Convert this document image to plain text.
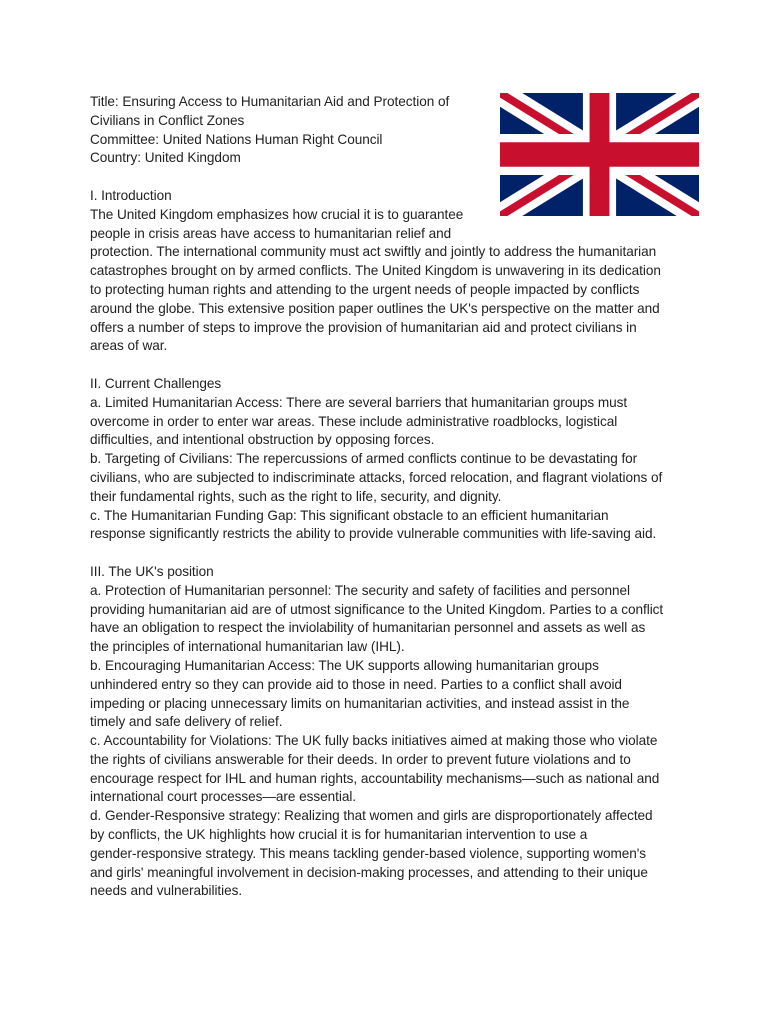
Title: Ensuring Access to Humanitarian Aid and Protection of
Civilians in Conflict Zones
Committee: United Nations Human Right Council
Country: United Kingdom
I. Introduction
The United Kingdom emphasizes how crucial it is to guarantee
people in crisis areas have access to humanitarian relief and
protection. The international community must act swiftly and jointly to address the humanitarian
catastrophes brought on by armed conflicts. The United Kingdom is unwavering in its dedication
to protecting human rights and attending to the urgent needs of people impacted by conflicts
around the globe. This extensive position paper outlines the UK's perspective on the matter and
offers a number of steps to improve the provision of humanitarian aid and protect civilians in
areas of war.
II. Current Challenges
a. Limited Humanitarian Access: There are several barriers that humanitarian groups must
overcome in order to enter war areas. These include administrative roadblocks, logistical
difficulties, and intentional obstruction by opposing forces.
b. Targeting of Civilians: The repercussions of armed conflicts continue to be devastating for
civilians, who are subjected to indiscriminate attacks, forced relocation, and flagrant violations of
their fundamental rights, such as the right to life, security, and dignity.
c. The Humanitarian Funding Gap: This significant obstacle to an efficient humanitarian
response significantly restricts the ability to provide vulnerable communities with life-saving aid.
III. The UK's position
a. Protection of Humanitarian personnel: The security and safety of facilities and personnel
providing humanitarian aid are of utmost significance to the United Kingdom. Parties to a conflict
have an obligation to respect the inviolability of humanitarian personnel and assets as well as
the principles of international humanitarian law (IHL).
b. Encouraging Humanitarian Access: The UK supports allowing humanitarian groups
unhindered entry so they can provide aid to those in need. Parties to a conflict shall avoid
impeding or placing unnecessary limits on humanitarian activities, and instead assist in the
timely and safe delivery of relief.
c. Accountability for Violations: The UK fully backs initiatives aimed at making those who violate
the rights of civilians answerable for their deeds. In order to prevent future violations and to
encourage respect for IHL and human rights, accountability mechanisms—such as national and
international court processes—are essential.
d. Gender-Responsive strategy: Realizing that women and girls are disproportionately affected
by conflicts, the UK highlights how crucial it is for humanitarian intervention to use a
gender-responsive strategy. This means tackling gender-based violence, supporting women's
and girls' meaningful involvement in decision-making processes, and attending to their unique
needs and vulnerabilities.
